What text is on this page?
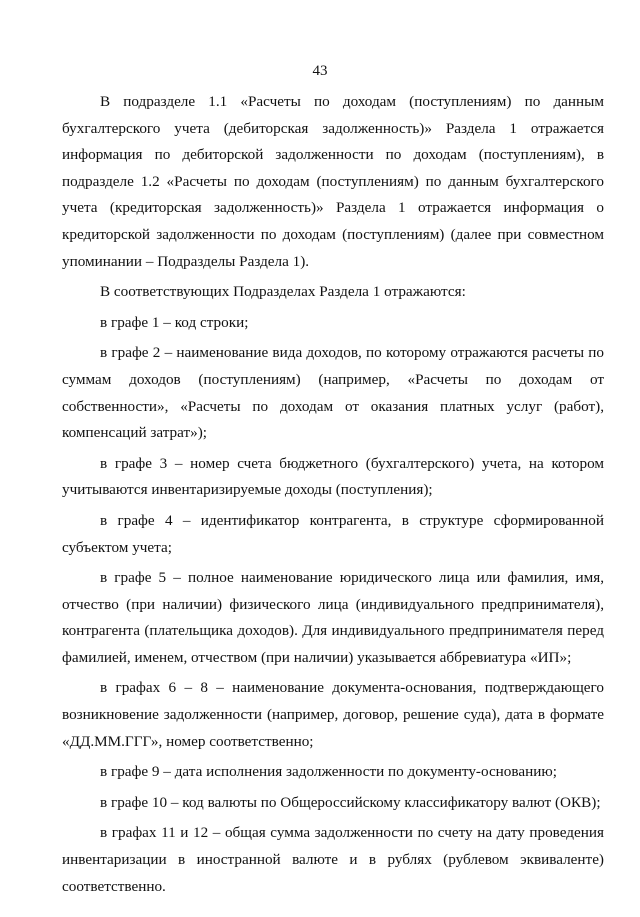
43

В подразделе 1.1 «Расчеты по доходам (поступлениям) по данным бухгалтерского учета (дебиторская задолженность)» Раздела 1 отражается информация по дебиторской задолженности по доходам (поступлениям), в подразделе 1.2 «Расчеты по доходам (поступлениям) по данным бухгалтерского учета (кредиторская задолженность)» Раздела 1 отражается информация о кредиторской задолженности по доходам (поступлениям) (далее при совместном упоминании – Подразделы Раздела 1).

В соответствующих Подразделах Раздела 1 отражаются:

в графе 1 – код строки;

в графе 2 – наименование вида доходов, по которому отражаются расчеты по суммам доходов (поступлениям) (например, «Расчеты по доходам от собственности», «Расчеты по доходам от оказания платных услуг (работ), компенсаций затрат»);

в графе 3 – номер счета бюджетного (бухгалтерского) учета, на котором учитываются инвентаризируемые доходы (поступления);

в графе 4 – идентификатор контрагента, в структуре сформированной субъектом учета;

в графе 5 – полное наименование юридического лица или фамилия, имя, отчество (при наличии) физического лица (индивидуального предпринимателя), контрагента (плательщика доходов). Для индивидуального предпринимателя перед фамилией, именем, отчеством (при наличии) указывается аббревиатура «ИП»;

в графах 6 – 8 – наименование документа-основания, подтверждающего возникновение задолженности (например, договор, решение суда), дата в формате «ДД.ММ.ГГГ», номер соответственно;

в графе 9 – дата исполнения задолженности по документу-основанию;

в графе 10 – код валюты по Общероссийскому классификатору валют (ОКВ);

в графах 11 и 12 – общая сумма задолженности по счету на дату проведения инвентаризации в иностранной валюте и в рублях (рублевом эквиваленте) соответственно.
